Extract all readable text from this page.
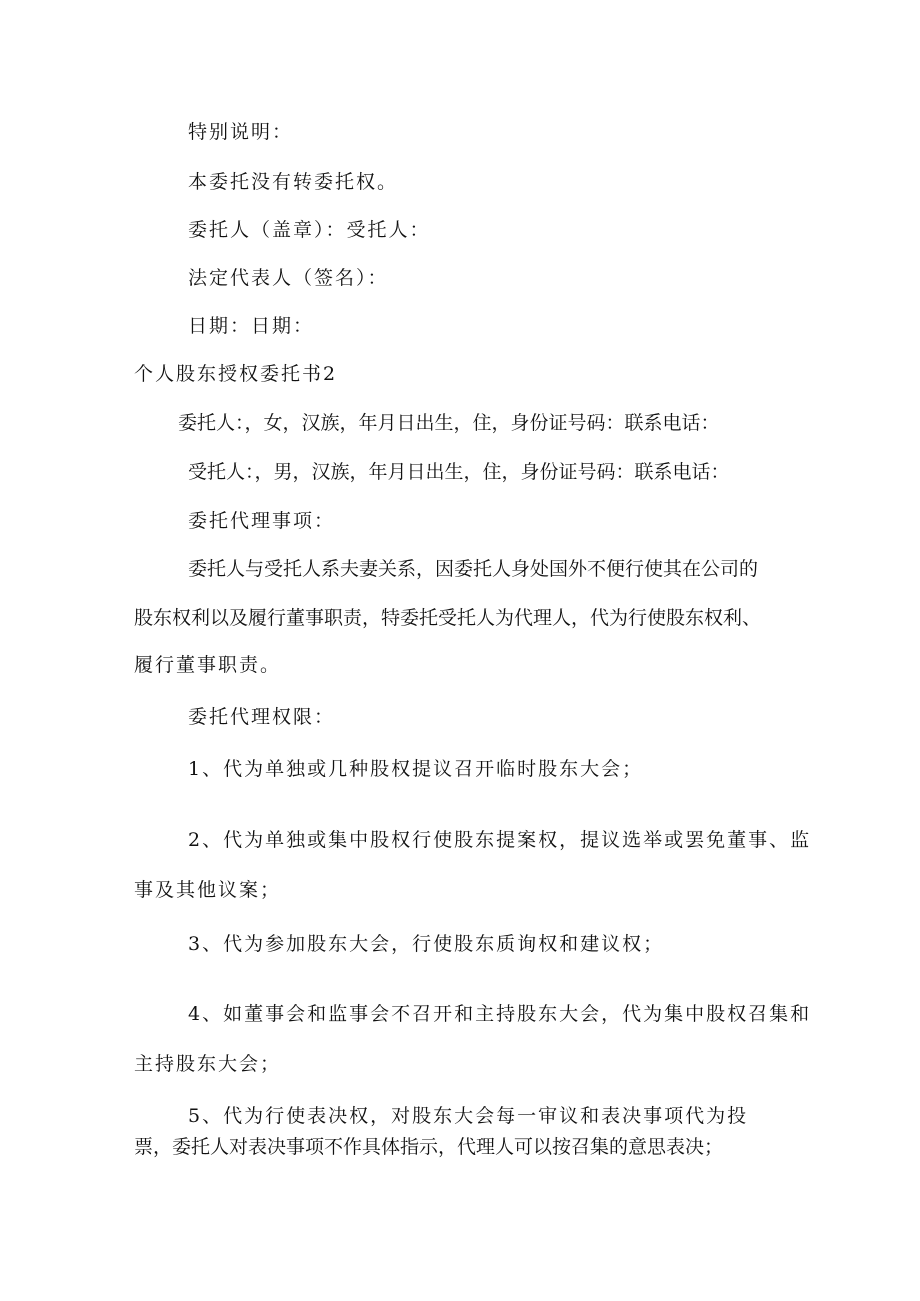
特别说明：

本委托没有转委托权。

委托人（盖章）：受托人：

法定代表人（签名）：

日期：日期：

个人股东授权委托书2

委托人：，女，汉族，年月日出生，住，身份证号码：联系电话：

受托人：，男，汉族，年月日出生，住，身份证号码：联系电话：

委托代理事项：

委托人与受托人系夫妻关系，因委托人身处国外不便行使其在公司的

股东权利以及履行董事职责，特委托受托人为代理人，代为行使股东权利、

履行董事职责。

委托代理权限：

1、代为单独或几种股权提议召开临时股东大会；

2、代为单独或集中股权行使股东提案权，提议选举或罢免董事、监

事及其他议案；

3、代为参加股东大会，行使股东质询权和建议权；

4、如董事会和监事会不召开和主持股东大会，代为集中股权召集和

主持股东大会；

5、代为行使表决权，对股东大会每一审议和表决事项代为投

票，委托人对表决事项不作具体指示，代理人可以按召集的意思表决；
